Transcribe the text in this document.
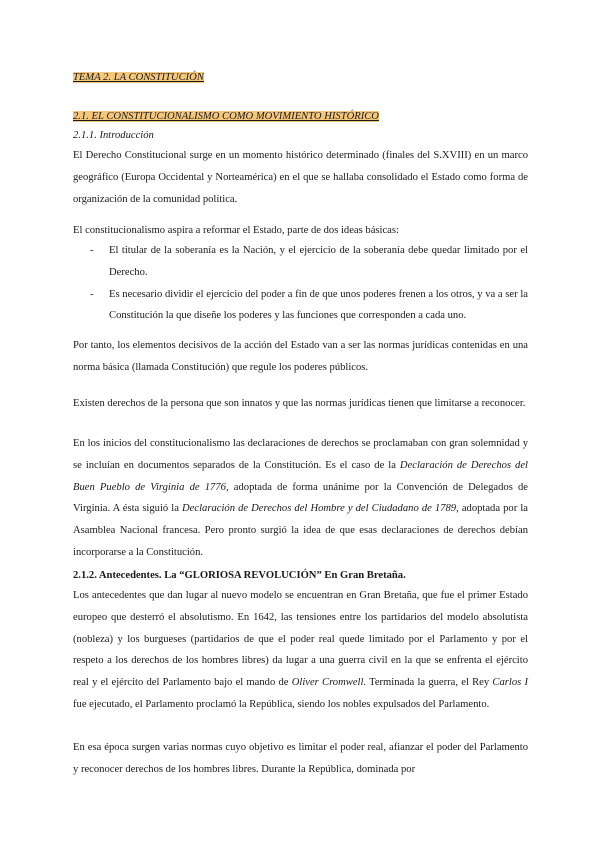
TEMA 2. LA CONSTITUCIÓN
2.1. EL CONSTITUCIONALISMO COMO MOVIMIENTO HISTÓRICO
2.1.1. Introducción

El Derecho Constitucional surge en un momento histórico determinado (finales del S.XVIII) en un marco geográfico (Europa Occidental y Norteamérica) en el que se hallaba consolidado el Estado como forma de organización de la comunidad política.

El constitucionalismo aspira a reformar el Estado, parte de dos ideas básicas:

- El titular de la soberanía es la Nación, y el ejercicio de la soberanía debe quedar limitado por el Derecho.
- Es necesario dividir el ejercicio del poder a fin de que unos poderes frenen a los otros, y va a ser la Constitución la que diseñe los poderes y las funciones que corresponden a cada uno.

Por tanto, los elementos decisivos de la acción del Estado van a ser las normas jurídicas contenidas en una norma básica (llamada Constitución) que regule los poderes públicos.

Existen derechos de la persona que son innatos y que las normas jurídicas tienen que limitarse a reconocer.

En los inicios del constitucionalismo las declaraciones de derechos se proclamaban con gran solemnidad y se incluían en documentos separados de la Constitución. Es el caso de la Declaración de Derechos del Buen Pueblo de Virginia de 1776, adoptada de forma unánime por la Convención de Delegados de Virginia. A ésta siguió la Declaración de Derechos del Hombre y del Ciudadano de 1789, adoptada por la Asamblea Nacional francesa. Pero pronto surgió la idea de que esas declaraciones de derechos debían incorporarse a la Constitución.

2.1.2. Antecedentes. La “GLORIOSA REVOLUCIÓN” En Gran Bretaña.

Los antecedentes que dan lugar al nuevo modelo se encuentran en Gran Bretaña, que fue el primer Estado europeo que desterró el absolutismo. En 1642, las tensiones entre los partidarios del modelo absolutista (nobleza) y los burgueses (partidarios de que el poder real quede limitado por el Parlamento y por el respeto a los derechos de los hombres libres) da lugar a una guerra civil en la que se enfrenta el ejército real y el ejército del Parlamento bajo el mando de Oliver Cromwell. Terminada la guerra, el Rey Carlos I fue ejecutado, el Parlamento proclamó la República, siendo los nobles expulsados del Parlamento.

En esa época surgen varias normas cuyo objetivo es limitar el poder real, afianzar el poder del Parlamento y reconocer derechos de los hombres libres. Durante la República, dominada por
